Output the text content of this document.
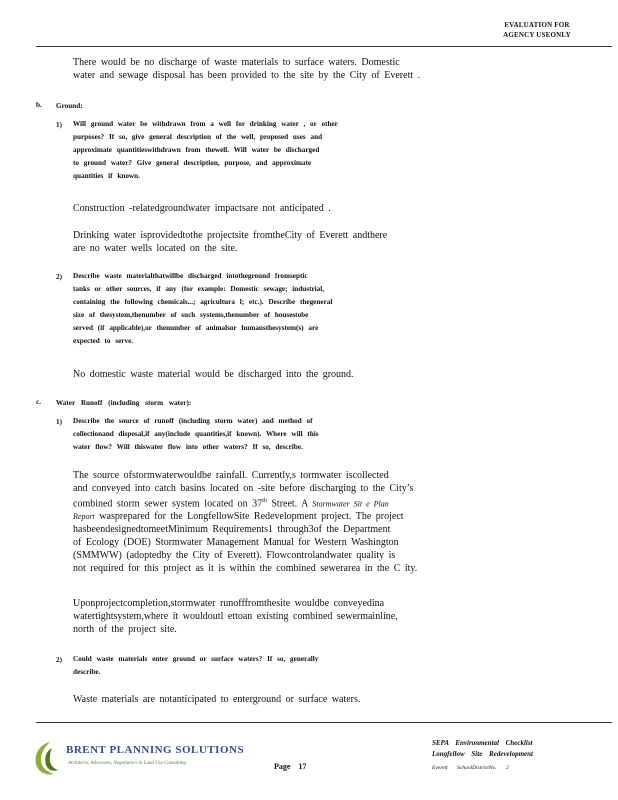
EVALUATION FOR
AGENCY USEONLY
There would be no discharge of waste materials to surface waters. Domestic
water and sewage disposal has been provided to the site by the City of Everett .
b. Ground:
1) Will ground water be withdrawn from a well for drinking water , or other
purposes? If so, give general description of the well, proposed uses and
approximate quantitieswithdrawn from thewell. Will water be discharged
to ground water? Give general description, purpose, and approximate
quantities if known.
Construction -relatedgroundwater impactsare not anticipated .
Drinking water isprovidedtothe projectsite fromtheCity of Everett andthere
are no water wells located on the site.
2) Describe waste materialthatwillbe discharged intotheground fromseptic
tanks or other sources, if any (for example: Domestic sewage; industrial,
containing the following chemicals...; agricultura l; etc.). Describe thegeneral
size of thesystem,thenumber of such systems,thenumber of housestobe
served (if applicable),or thenumber of animalsor humansthesystem(s) are
expected to serve.
No domestic waste material would be discharged into the ground.
c. Water Runoff (including storm water):
1) Describe the source of runoff (including storm water) and method of
collectionand disposal,if any(include quantities,if known). Where will this
water flow? Will thiswater flow into other waters? If so, describe.
The source ofstormwaterwouldbe rainfall. Currently,s tormwater iscollected
and conveyed into catch basins located on -site before discharging to the City’s
combined storm sewer system located on 37th Street. A Stormwater Sit e Plan
Report wasprepared for the LongfellowSite Redevelopment project. The project
hasbeendesignedtomeetMinimum Requirements1 through3of the Department
of Ecology (DOE) Stormwater Management Manual for Western Washington
(SMMWW) (adoptedby the City of Everett). Flowcontrolandwater quality is
not required for this project as it is within the combined sewerarea in the C ity.
Uponprojectcompletion,stormwater runofffromthesite wouldbe conveyedina
watertightsystem,where it wouldoutl ettoan existing combined sewermainline,
north of the project site.
2) Could waste materials enter ground or surface waters? If so, generally
describe.
Waste materials are notanticipated to enterground or surface waters.
BRENT PLANNING SOLUTIONS
Architects, Advocates, Negotiators in Land Use Consulting	Page 17
SEPA Environmental Checklist
Longfellow Site Redevelopment
Everett SchoolDistrictNo. 2
